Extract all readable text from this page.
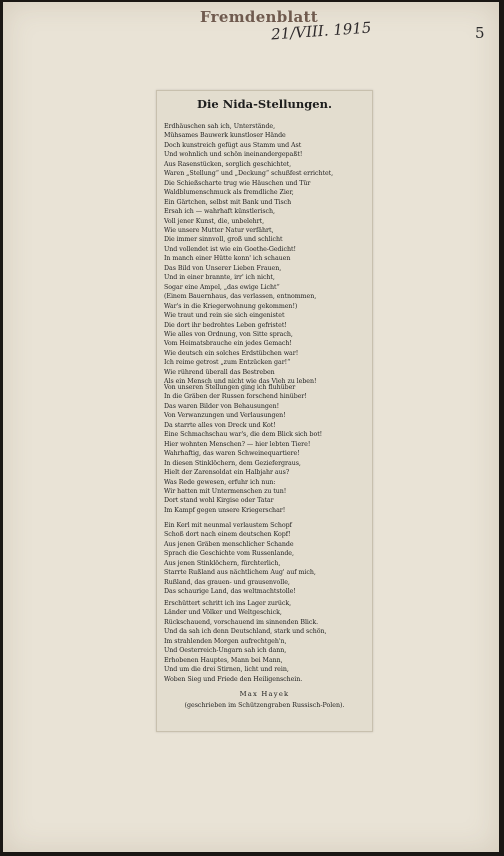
Fremdenblatt
21/VIII. 1915	5
Die Nida-Stellungen.
Erdhäuschen sah ich, Unterstände,
Mühsames Bauwerk kunstloser Hände
Doch kunstreich gefügt aus Stamm und Ast
Und wohnlich und schön ineinandergepaßt!
Aus Rasenstücken, sorglich geschichtet,
Waren „Stellung“ und „Deckung“ schußfest errichtet,
Die Schießscharte trug wie Häuschen und Tür
Waldblumenschmuck als fremdliche Zier,
Ein Gärtchen, selbst mit Bank und Tisch
Ersah ich — wahrhaft künstlerisch,
Voll jener Kunst, die, unbelehrt,
Wie unsere Mutter Natur verfährt,
Die immer sinnvoll, groß und schlicht
Und vollendet ist wie ein Goethe-Gedicht!
In manch einer Hütte konn' ich schauen
Das Bild von Unserer Lieben Frauen,
Und in einer brannte, irr' ich nicht,
Sogar eine Ampel, „das ewige Licht“
(Einem Bauernhaus, das verlassen, entnommen,
War's in die Kriegerwohnung gekommen!)
Wie traut und rein sie sich eingenistet
Die dort ihr bedrohtes Leben gefristet!
Wie alles von Ordnung, von Sitte sprach,
Vom Heimatsbrauche ein jedes Gemach!
Wie deutsch ein solches Erdstübchen war!
Ich reime getrost „zum Entzücken gar!“
Wie rührend überall das Bestreben
Als ein Mensch und nicht wie das Vieh zu leben!
Von unseren Stellungen ging ich fluhüber
In die Gräben der Russen forschend hinüber!
Das waren Bilder von Behausungen!
Von Verwanzungen und Verlausungen!
Da starrte alles von Dreck und Kot!
Eine Schmachschau war's, die dem Blick sich bot!
Hier wohnten Menschen? — hier lebten Tiere!
Wahrhaftig, das waren Schweinequartiere!
In diesen Stinklöchern, dem Geziefergraus,
Hielt der Zarensoldat ein Halbjahr aus?
Was Rede gewesen, erfuhr ich nun:
Wir hatten mit Untermenschen zu tun!
Dort stand wohl Kirgise oder Tatar
Im Kampf gegen unsere Kriegerschar!
Ein Kerl mit neunmal verlaustem Schopf
Schoß dort nach einem deutschen Kopf!
Aus jenen Gräben menschlicher Schande
Sprach die Geschichte vom Russenlande,
Aus jenen Stinklöchern, fürchterlich,
Starrte Rußland aus nächtlichem Aug' auf mich,
Rußland, das grauen- und grausenvolle,
Das schaurige Land, das weltmachtstolle!
Erschüttert schritt ich ins Lager zurück,
Länder und Völker und Weltgeschick,
Rückschauend, vorschauend im sinnenden Blick.
Und da sah ich denn Deutschland, stark und schön,
Im strahlenden Morgen aufrechtgeh'n,
Und Oesterreich-Ungarn sah ich dann,
Erhobenen Hauptes, Mann bei Mann,
Und um die drei Stirnen, licht und rein,
Woben Sieg und Friede den Heiligenschein.
Max Hayek
(geschrieben im Schützengraben Russisch-Polen).
